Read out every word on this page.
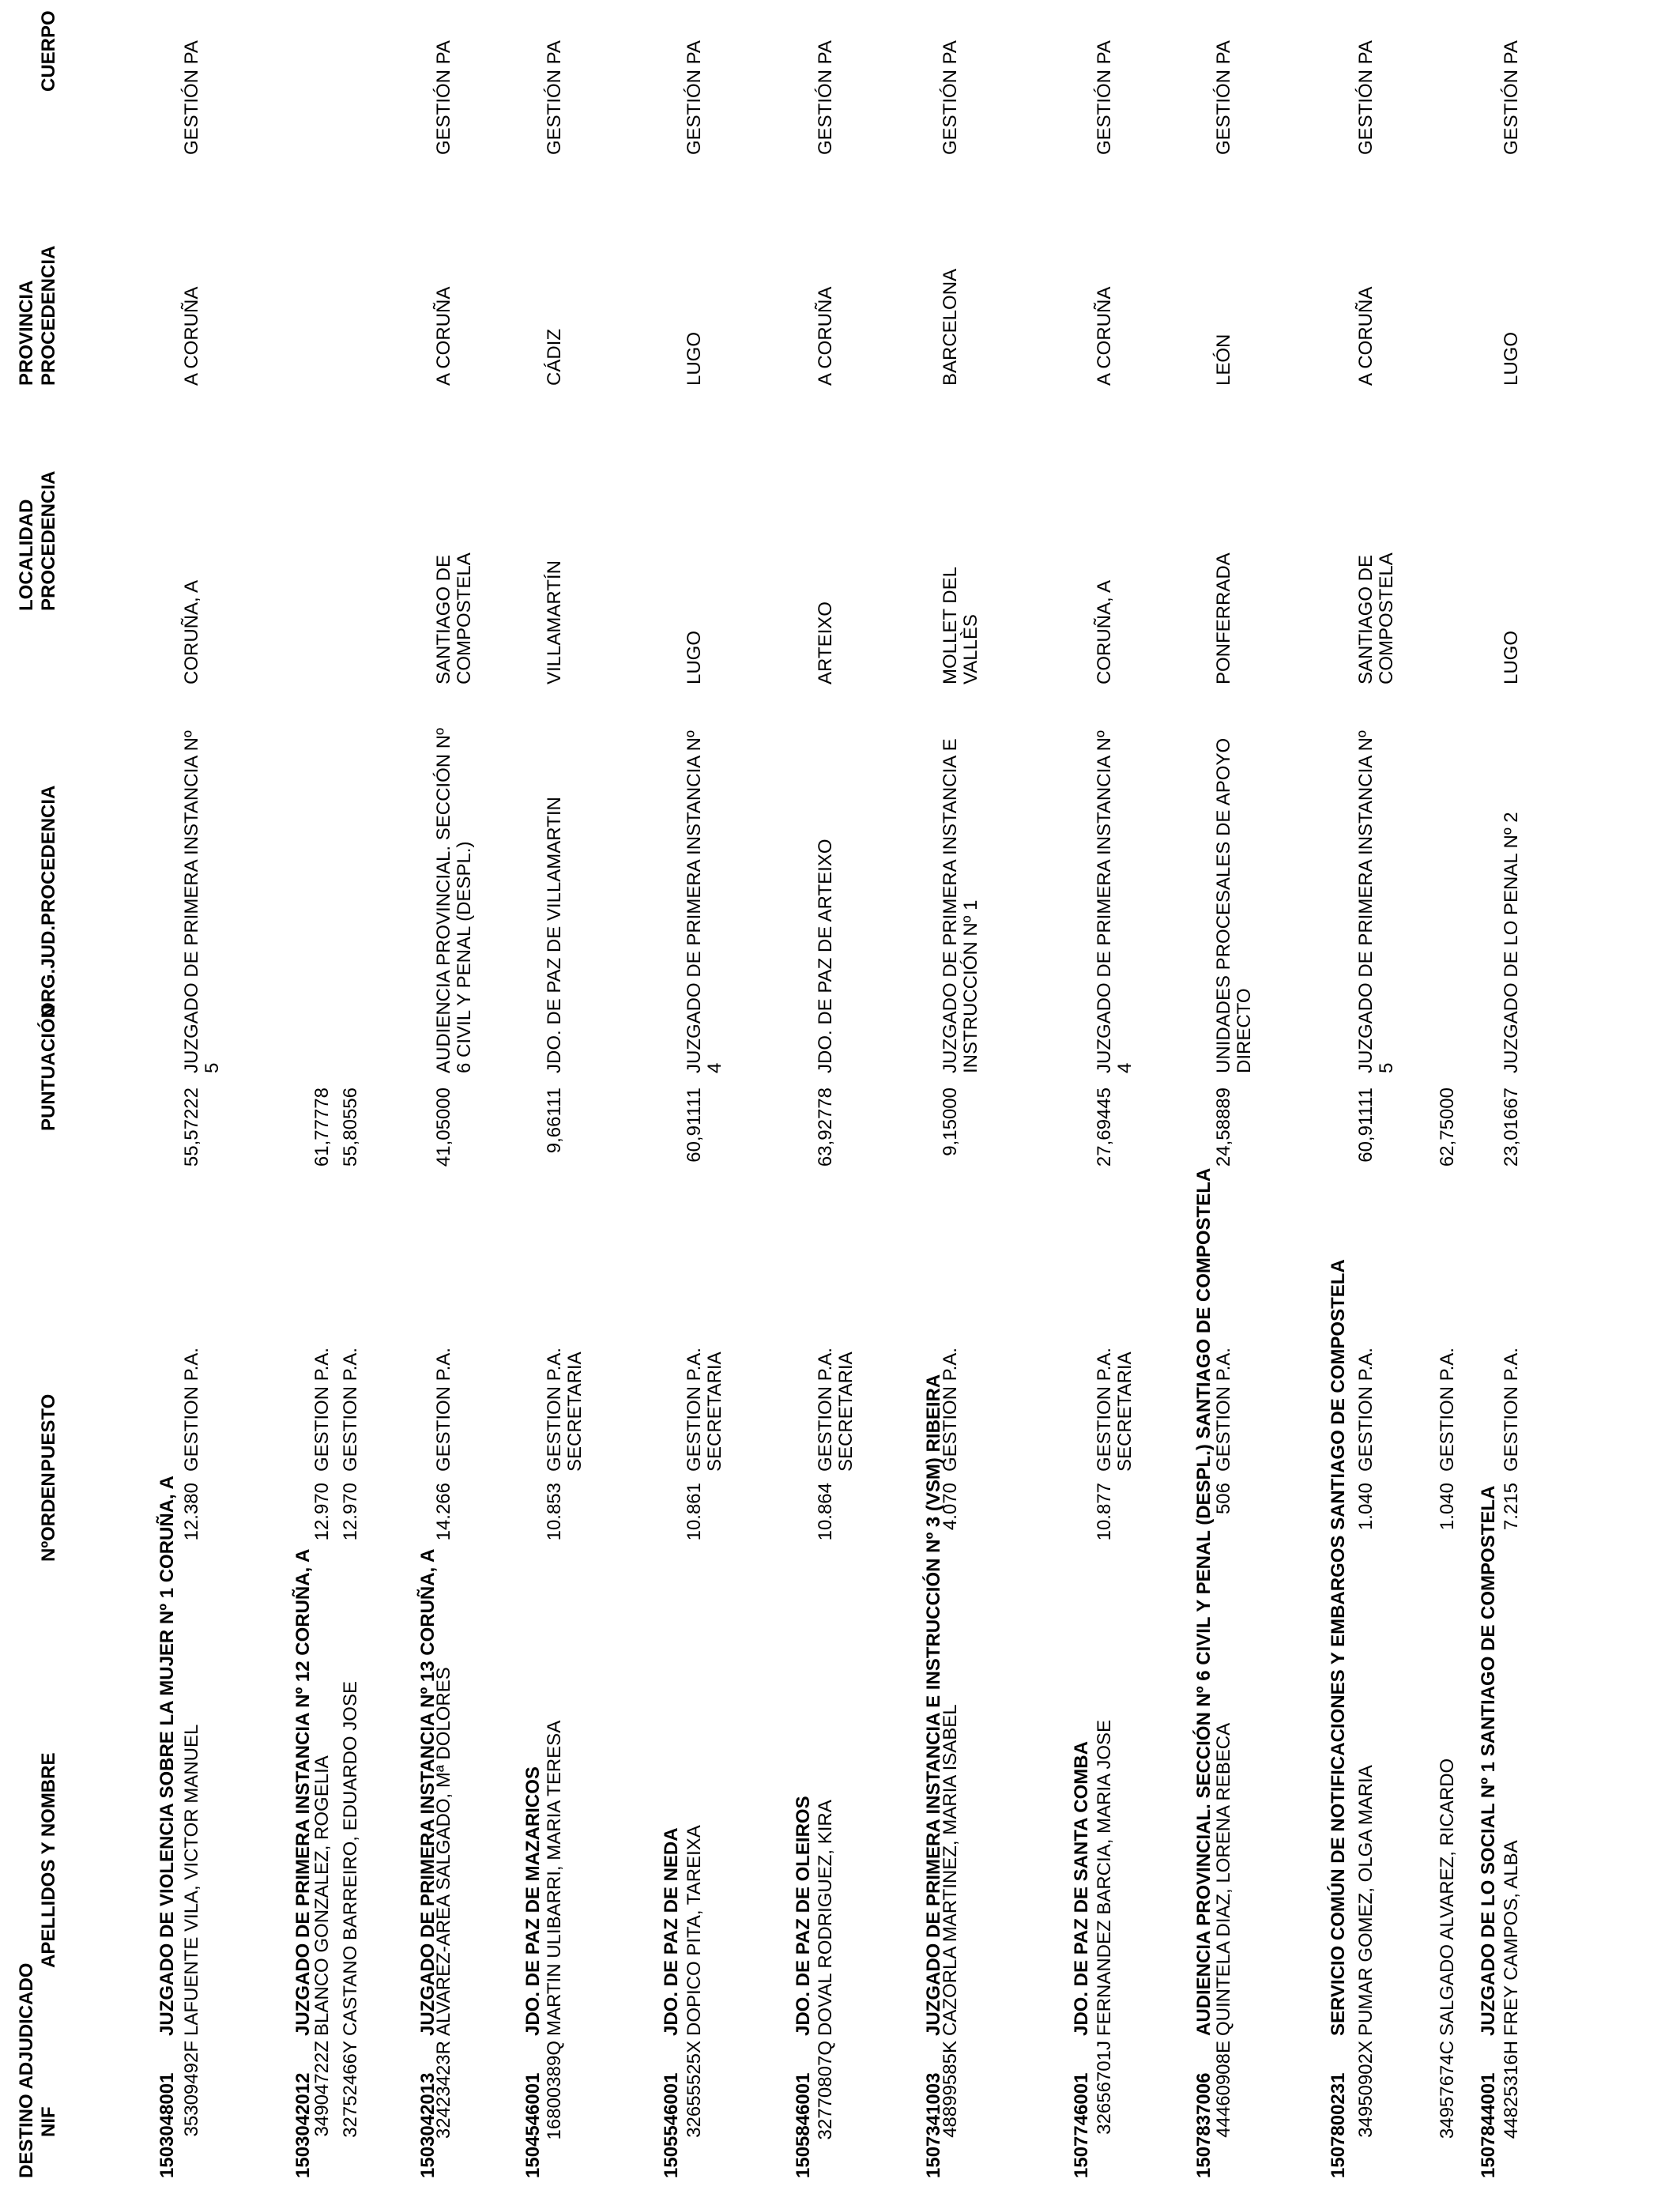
DESTINO ADJUDICADO NIF
APELLIDOS Y NOMBRE
NºORDEN
PUESTO
PUNTUACIÓN
ORG.JUD.PROCEDENCIA
LOCALIDAD PROCEDENCIA
PROVINCIA PROCEDENCIA
CUERPO
1503048001
JUZGADO DE VIOLENCIA SOBRE LA MUJER Nº 1 CORUÑA, A
35309492F
LAFUENTE VILA, VICTOR MANUEL
12.380
GESTION P.A.
55,57222
JUZGADO DE PRIMERA INSTANCIA Nº 5
CORUÑA, A
A CORUÑA
GESTIÓN PA
1503042012
JUZGADO DE PRIMERA INSTANCIA Nº 12 CORUÑA, A
34904722Z
BLANCO GONZALEZ, ROGELIA
12.970
GESTION P.A.
61,77778
32752466Y
CASTANO BARREIRO, EDUARDO JOSE
12.970
GESTION P.A.
55,80556
1503042013
JUZGADO DE PRIMERA INSTANCIA Nº 13 CORUÑA, A
32423423R
ALVAREZ-AREA SALGADO, Mª DOLORES
14.266
GESTION P.A.
41,05000
AUDIENCIA PROVINCIAL. SECCIÓN Nº 6 CIVIL Y PENAL (DESPL.)
SANTIAGO DE COMPOSTELA
A CORUÑA
GESTIÓN PA
1504546001
JDO. DE PAZ DE MAZARICOS
16800389Q
MARTIN ULIBARRI, MARIA TERESA
10.853
GESTION P.A. SECRETARIA
9,66111
JDO. DE PAZ DE VILLAMARTIN
VILLAMARTÍN
CÁDIZ
GESTIÓN PA
1505546001
JDO. DE PAZ DE NEDA
32655525X
DOPICO PITA, TAREIXA
10.861
GESTION P.A. SECRETARIA
60,91111
JUZGADO DE PRIMERA INSTANCIA Nº 4
LUGO
LUGO
GESTIÓN PA
1505846001
JDO. DE PAZ DE OLEIROS
32770807Q
DOVAL RODRIGUEZ, KIRA
10.864
GESTION P.A. SECRETARIA
63,92778
JDO. DE PAZ DE ARTEIXO
ARTEIXO
A CORUÑA
GESTIÓN PA
1507341003
JUZGADO DE PRIMERA INSTANCIA E INSTRUCCIÓN Nº 3 (VSM) RIBEIRA
48899585K
CAZORLA MARTINEZ, MARIA ISABEL
4.070
GESTION P.A.
9,15000
JUZGADO DE PRIMERA INSTANCIA E INSTRUCCIÓN Nº 1
MOLLET DEL VALLÈS
BARCELONA
GESTIÓN PA
1507746001
JDO. DE PAZ DE SANTA COMBA
32656701J
FERNANDEZ BARCIA, MARIA JOSE
10.877
GESTION P.A. SECRETARIA
27,69445
JUZGADO DE PRIMERA INSTANCIA Nº 4
CORUÑA, A
A CORUÑA
GESTIÓN PA
1507837006
AUDIENCIA PROVINCIAL. SECCIÓN Nº 6 CIVIL Y PENAL (DESPL.) SANTIAGO DE COMPOSTELA
44460908E
QUINTELA DIAZ, LORENA REBECA
506
GESTION P.A.
24,58889
UNIDADES PROCESALES DE APOYO DIRECTO
PONFERRADA
LEÓN
GESTIÓN PA
1507800231
SERVICIO COMÚN DE NOTIFICACIONES Y EMBARGOS SANTIAGO DE COMPOSTELA
34950902X
PUMAR GOMEZ, OLGA MARIA
1.040
GESTION P.A.
60,91111
JUZGADO DE PRIMERA INSTANCIA Nº 5
SANTIAGO DE COMPOSTELA
A CORUÑA
GESTIÓN PA
34957674C
SALGADO ALVAREZ, RICARDO
1.040
GESTION P.A.
62,75000
1507844001
JUZGADO DE LO SOCIAL Nº 1 SANTIAGO DE COMPOSTELA
44825316H
FREY CAMPOS, ALBA
7.215
GESTION P.A.
23,01667
JUZGADO DE LO PENAL Nº 2
LUGO
LUGO
GESTIÓN PA
